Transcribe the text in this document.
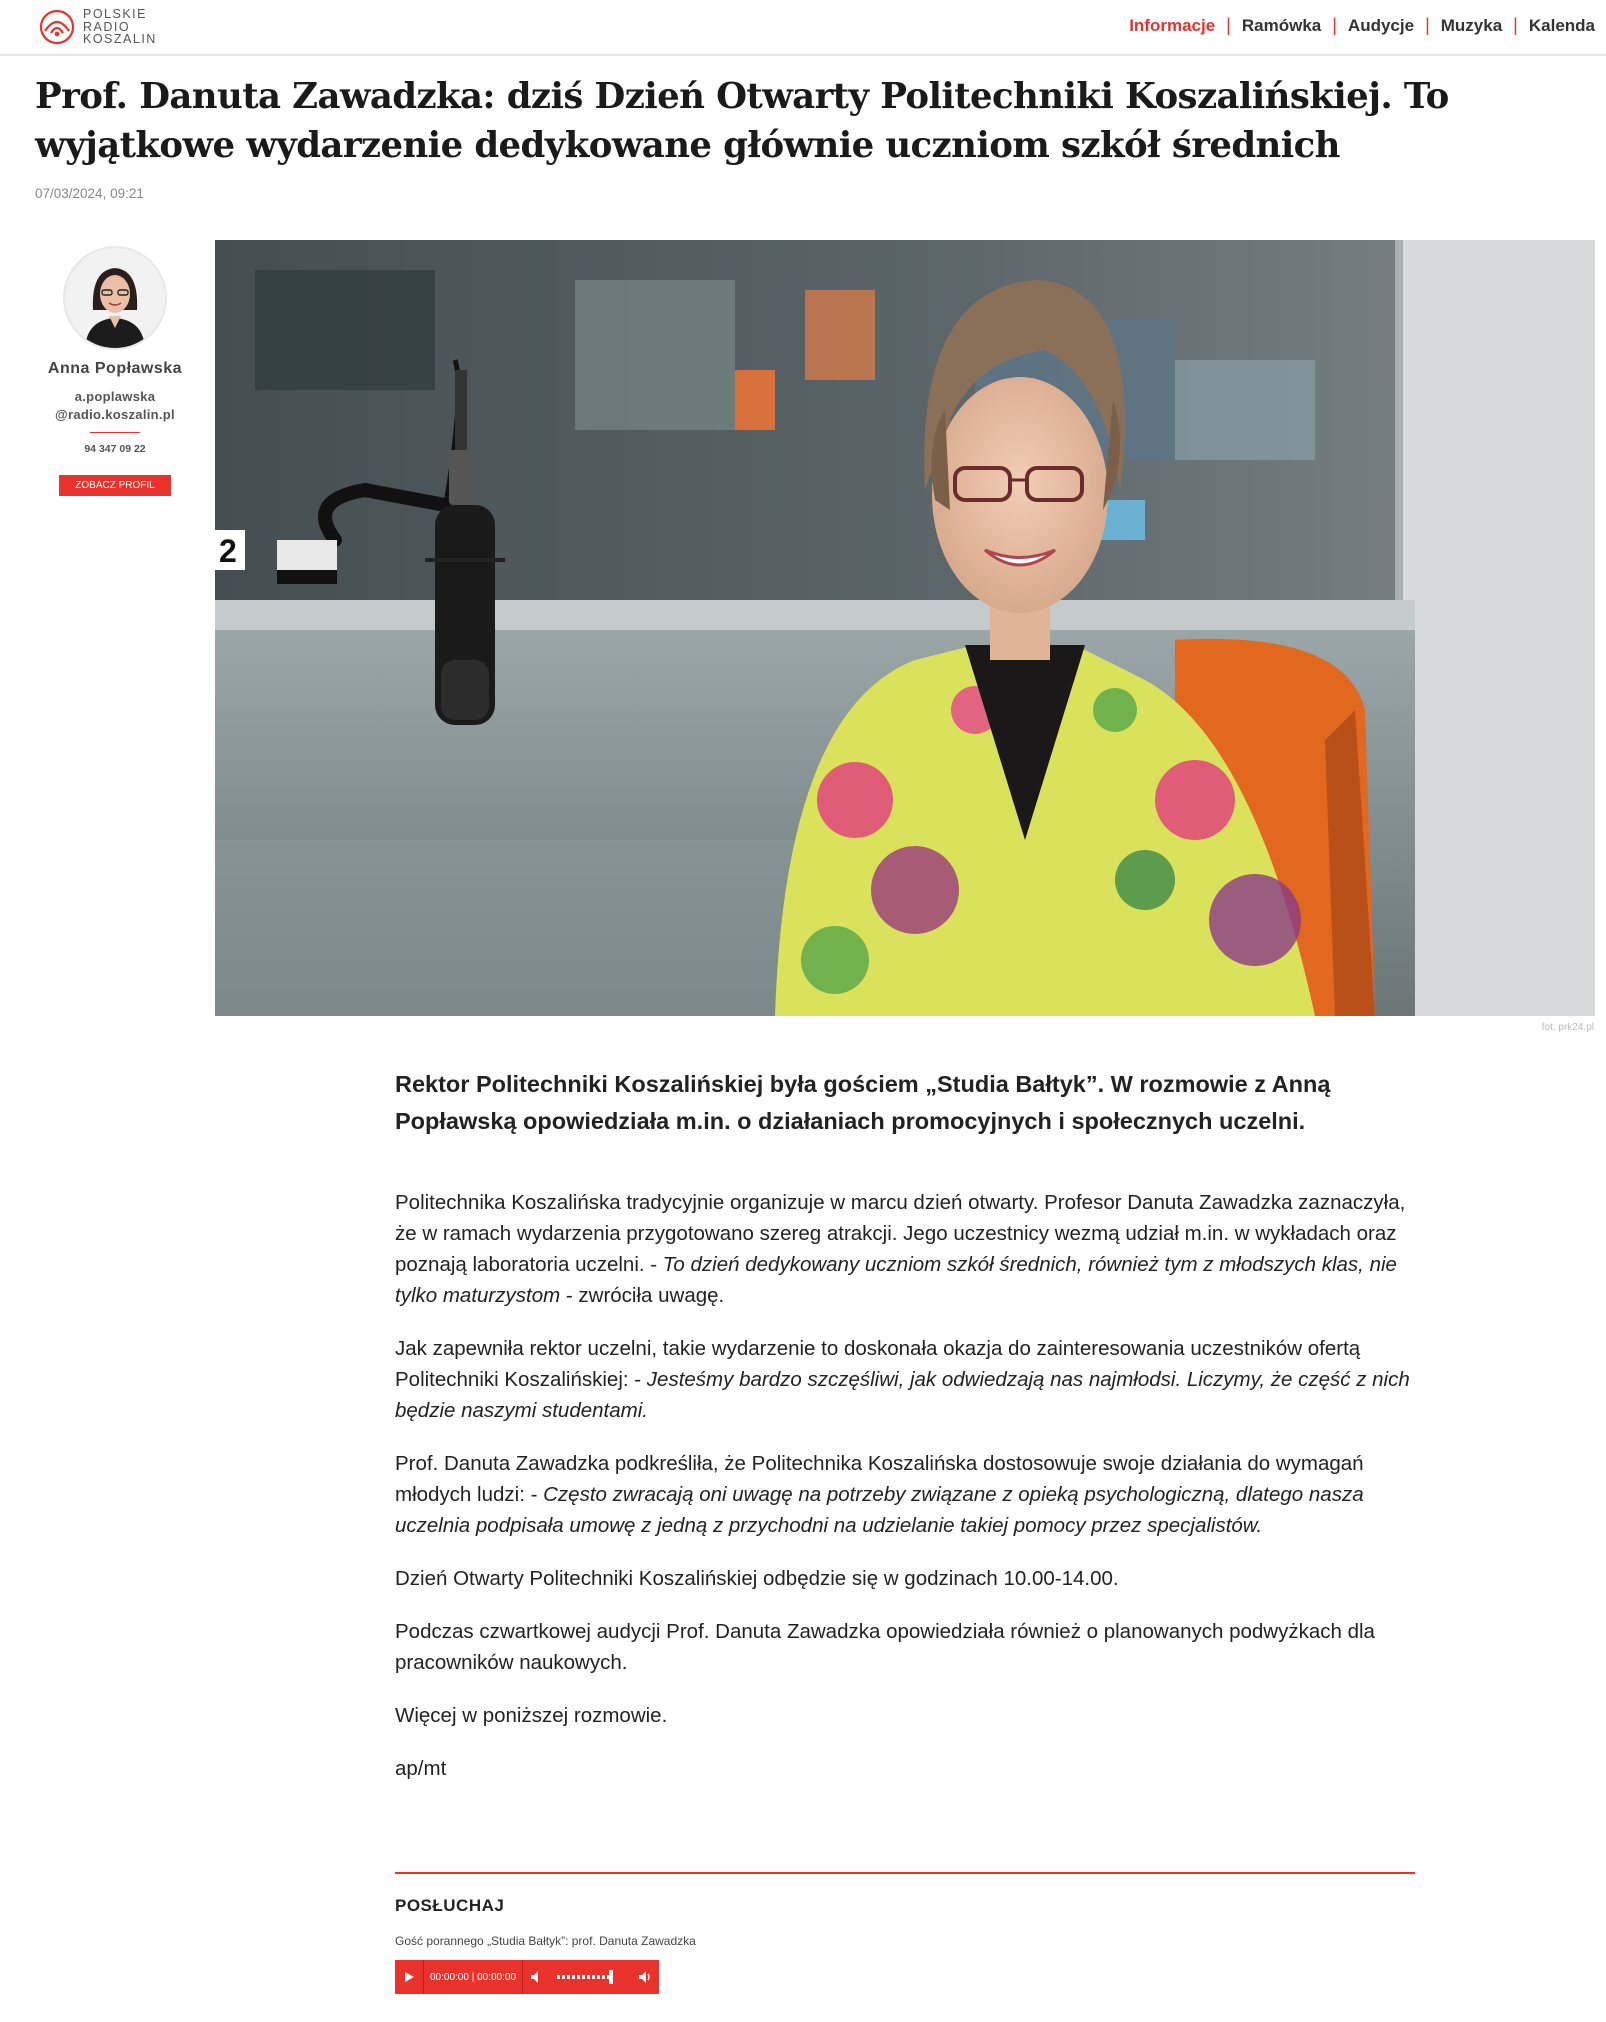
POLSKIE
RADIO
KOSZALIN
Informacje | Ramówka | Audycje | Muzyka | Kalenda
Prof. Danuta Zawadzka: dziś Dzień Otwarty Politechniki Koszalińskiej. To wyjątkowe wydarzenie dedykowane głównie uczniom szkół średnich
07/03/2024, 09:21
Anna Popławska
a.poplawska
@radio.koszalin.pl
94 347 09 22
ZOBACZ PROFIL
2
fot. prk24.pl

Rektor Politechniki Koszalińskiej była gościem „Studia Bałtyk”. W rozmowie z Anną Popławską opowiedziała m.in. o działaniach promocyjnych i społecznych uczelni.

Politechnika Koszalińska tradycyjnie organizuje w marcu dzień otwarty. Profesor Danuta Zawadzka zaznaczyła, że w ramach wydarzenia przygotowano szereg atrakcji. Jego uczestnicy wezmą udział m.in. w wykładach oraz poznają laboratoria uczelni. - To dzień dedykowany uczniom szkół średnich, również tym z młodszych klas, nie tylko maturzystom - zwróciła uwagę.

Jak zapewniła rektor uczelni, takie wydarzenie to doskonała okazja do zainteresowania uczestników ofertą Politechniki Koszalińskiej: - Jesteśmy bardzo szczęśliwi, jak odwiedzają nas najmłodsi. Liczymy, że część z nich będzie naszymi studentami.

Prof. Danuta Zawadzka podkreśliła, że Politechnika Koszalińska dostosowuje swoje działania do wymagań młodych ludzi: - Często zwracają oni uwagę na potrzeby związane z opieką psychologiczną, dlatego nasza uczelnia podpisała umowę z jedną z przychodni na udzielanie takiej pomocy przez specjalistów.

Dzień Otwarty Politechniki Koszalińskiej odbędzie się w godzinach 10.00-14.00.

Podczas czwartkowej audycji Prof. Danuta Zawadzka opowiedziała również o planowanych podwyżkach dla pracowników naukowych.

Więcej w poniższej rozmowie.

ap/mt

POSŁUCHAJ
Gość porannego „Studia Bałtyk”: prof. Danuta Zawadzka
00:00:00 | 00:00:00
